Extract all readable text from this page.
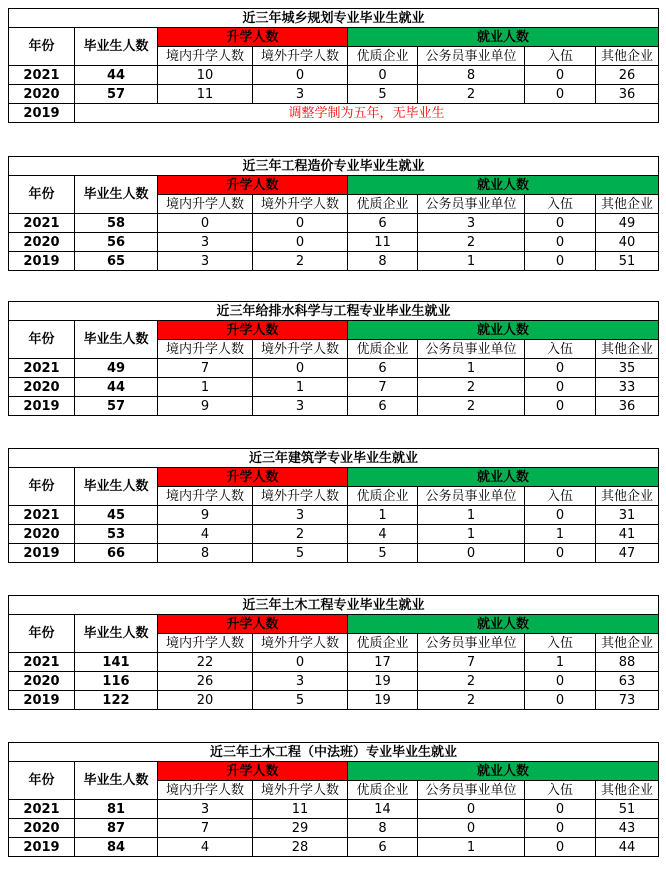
近三年城乡规划专业毕业生就业							
年份	毕业生人数	升学人数		就业人数			
		境内升学人数	境外升学人数	优质企业	公务员事业单位	入伍	其他企业
2021	44	10	0	0	8	0	26
2020	57	11	3	5	2	0	36
2019	调整学制为五年，无毕业生						
近三年工程造价专业毕业生就业							
年份	毕业生人数	升学人数		就业人数			
		境内升学人数	境外升学人数	优质企业	公务员事业单位	入伍	其他企业
2021	58	0	0	6	3	0	49
2020	56	3	0	11	2	0	40
2019	65	3	2	8	1	0	51
近三年给排水科学与工程专业毕业生就业							
年份	毕业生人数	升学人数		就业人数			
		境内升学人数	境外升学人数	优质企业	公务员事业单位	入伍	其他企业
2021	49	7	0	6	1	0	35
2020	44	1	1	7	2	0	33
2019	57	9	3	6	2	0	36
近三年建筑学专业毕业生就业							
年份	毕业生人数	升学人数		就业人数			
		境内升学人数	境外升学人数	优质企业	公务员事业单位	入伍	其他企业
2021	45	9	3	1	1	0	31
2020	53	4	2	4	1	1	41
2019	66	8	5	5	0	0	47
近三年土木工程专业毕业生就业							
年份	毕业生人数	升学人数		就业人数			
		境内升学人数	境外升学人数	优质企业	公务员事业单位	入伍	其他企业
2021	141	22	0	17	7	1	88
2020	116	26	3	19	2	0	63
2019	122	20	5	19	2	0	73
近三年土木工程（中法班）专业毕业生就业							
年份	毕业生人数	升学人数		就业人数			
		境内升学人数	境外升学人数	优质企业	公务员事业单位	入伍	其他企业
2021	81	3	11	14	0	0	51
2020	87	7	29	8	0	0	43
2019	84	4	28	6	1	0	44
